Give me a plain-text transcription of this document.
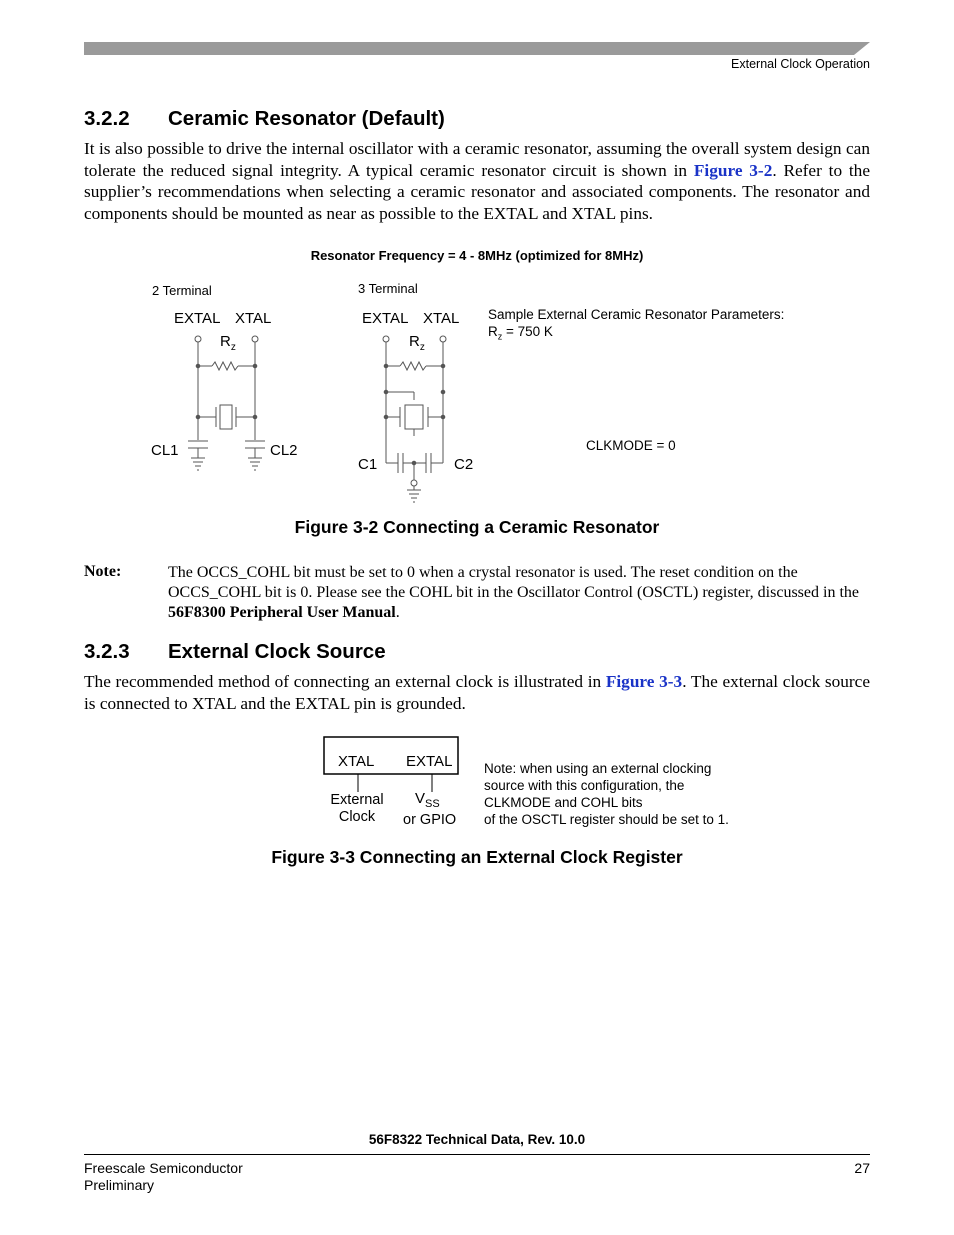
External Clock Operation
3.2.2 Ceramic Resonator (Default)
It is also possible to drive the internal oscillator with a ceramic resonator, assuming the overall system design can tolerate the reduced signal integrity. A typical ceramic resonator circuit is shown in Figure 3-2. Refer to the supplier’s recommendations when selecting a ceramic resonator and associated components. The resonator and components should be mounted as near as possible to the EXTAL and XTAL pins.
Resonator Frequency = 4 - 8MHz (optimized for 8MHz)
2 Terminal	3 Terminal
EXTAL XTAL	EXTAL XTAL
$R_z$	$R_z$
CL1	CL2
C1	C2
Sample External Ceramic Resonator Parameters:
$R_z = 750$ K
CLKMODE = 0
Figure 3-2 Connecting a Ceramic Resonator
Note:	The OCCS_COHL bit must be set to 0 when a crystal resonator is used. The reset condition on the OCCS_COHL bit is 0. Please see the COHL bit in the Oscillator Control (OSCTL) register, discussed in the 56F8300 Peripheral User Manual.
3.2.3 External Clock Source
The recommended method of connecting an external clock is illustrated in Figure 3-3. The external clock source is connected to XTAL and the EXTAL pin is grounded.
XTAL EXTAL
External
Clock
$V_{SS}$
or GPIO
Note: when using an external clocking
source with this configuration, the
CLKMODE and COHL bits
of the OSCTL register should be set to 1.
Figure 3-3 Connecting an External Clock Register
56F8322 Technical Data, Rev. 10.0
Freescale Semiconductor
Preliminary
27
